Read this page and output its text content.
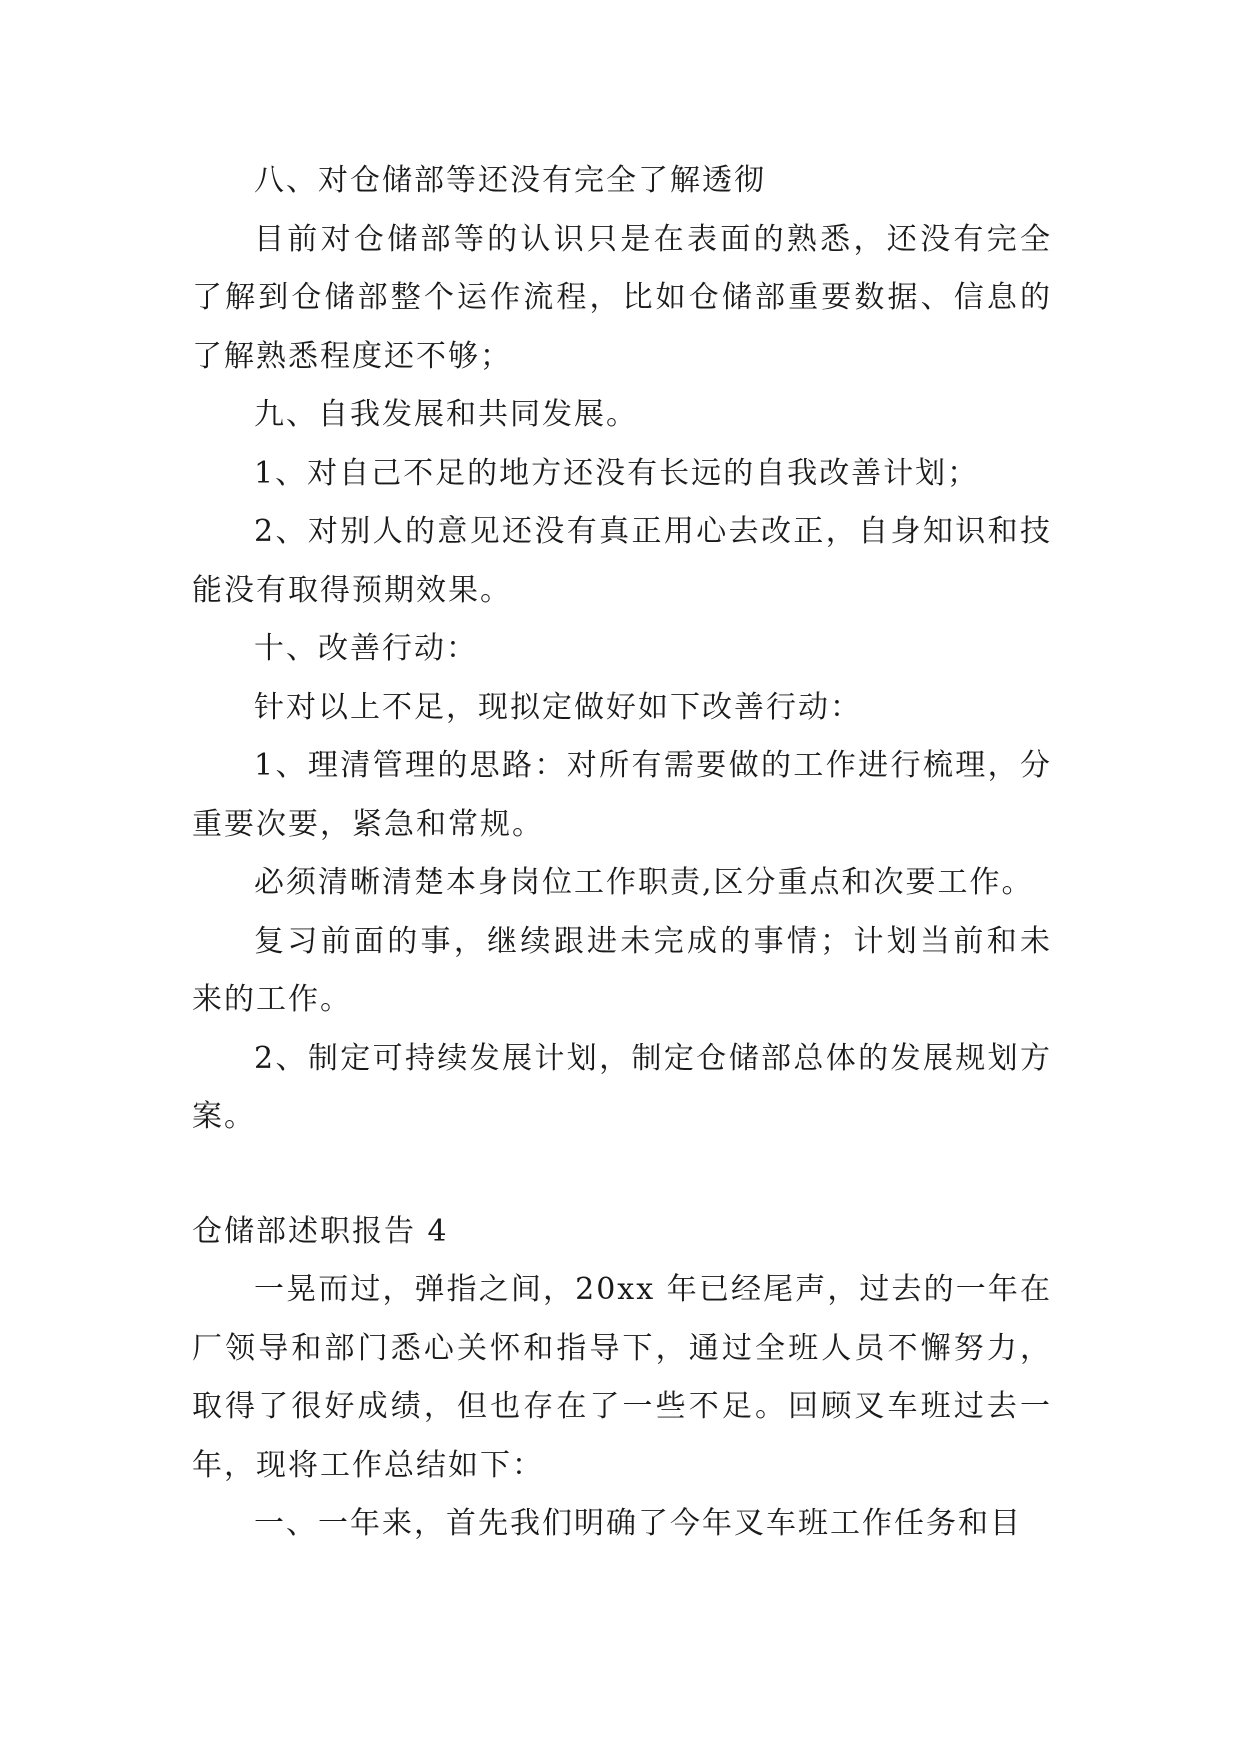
八、对仓储部等还没有完全了解透彻

目前对仓储部等的认识只是在表面的熟悉，还没有完全了解到仓储部整个运作流程，比如仓储部重要数据、信息的了解熟悉程度还不够；

九、自我发展和共同发展。

1、对自己不足的地方还没有长远的自我改善计划；

2、对别人的意见还没有真正用心去改正，自身知识和技能没有取得预期效果。

十、改善行动：

针对以上不足，现拟定做好如下改善行动：

1、理清管理的思路：对所有需要做的工作进行梳理，分重要次要，紧急和常规。

必须清晰清楚本身岗位工作职责,区分重点和次要工作。

复习前面的事，继续跟进未完成的事情；计划当前和未来的工作。

2、制定可持续发展计划，制定仓储部总体的发展规划方案。

仓储部述职报告 4

一晃而过，弹指之间，20xx 年已经尾声，过去的一年在厂领导和部门悉心关怀和指导下，通过全班人员不懈努力，取得了很好成绩，但也存在了一些不足。回顾叉车班过去一年，现将工作总结如下：

一、一年来，首先我们明确了今年叉车班工作任务和目
